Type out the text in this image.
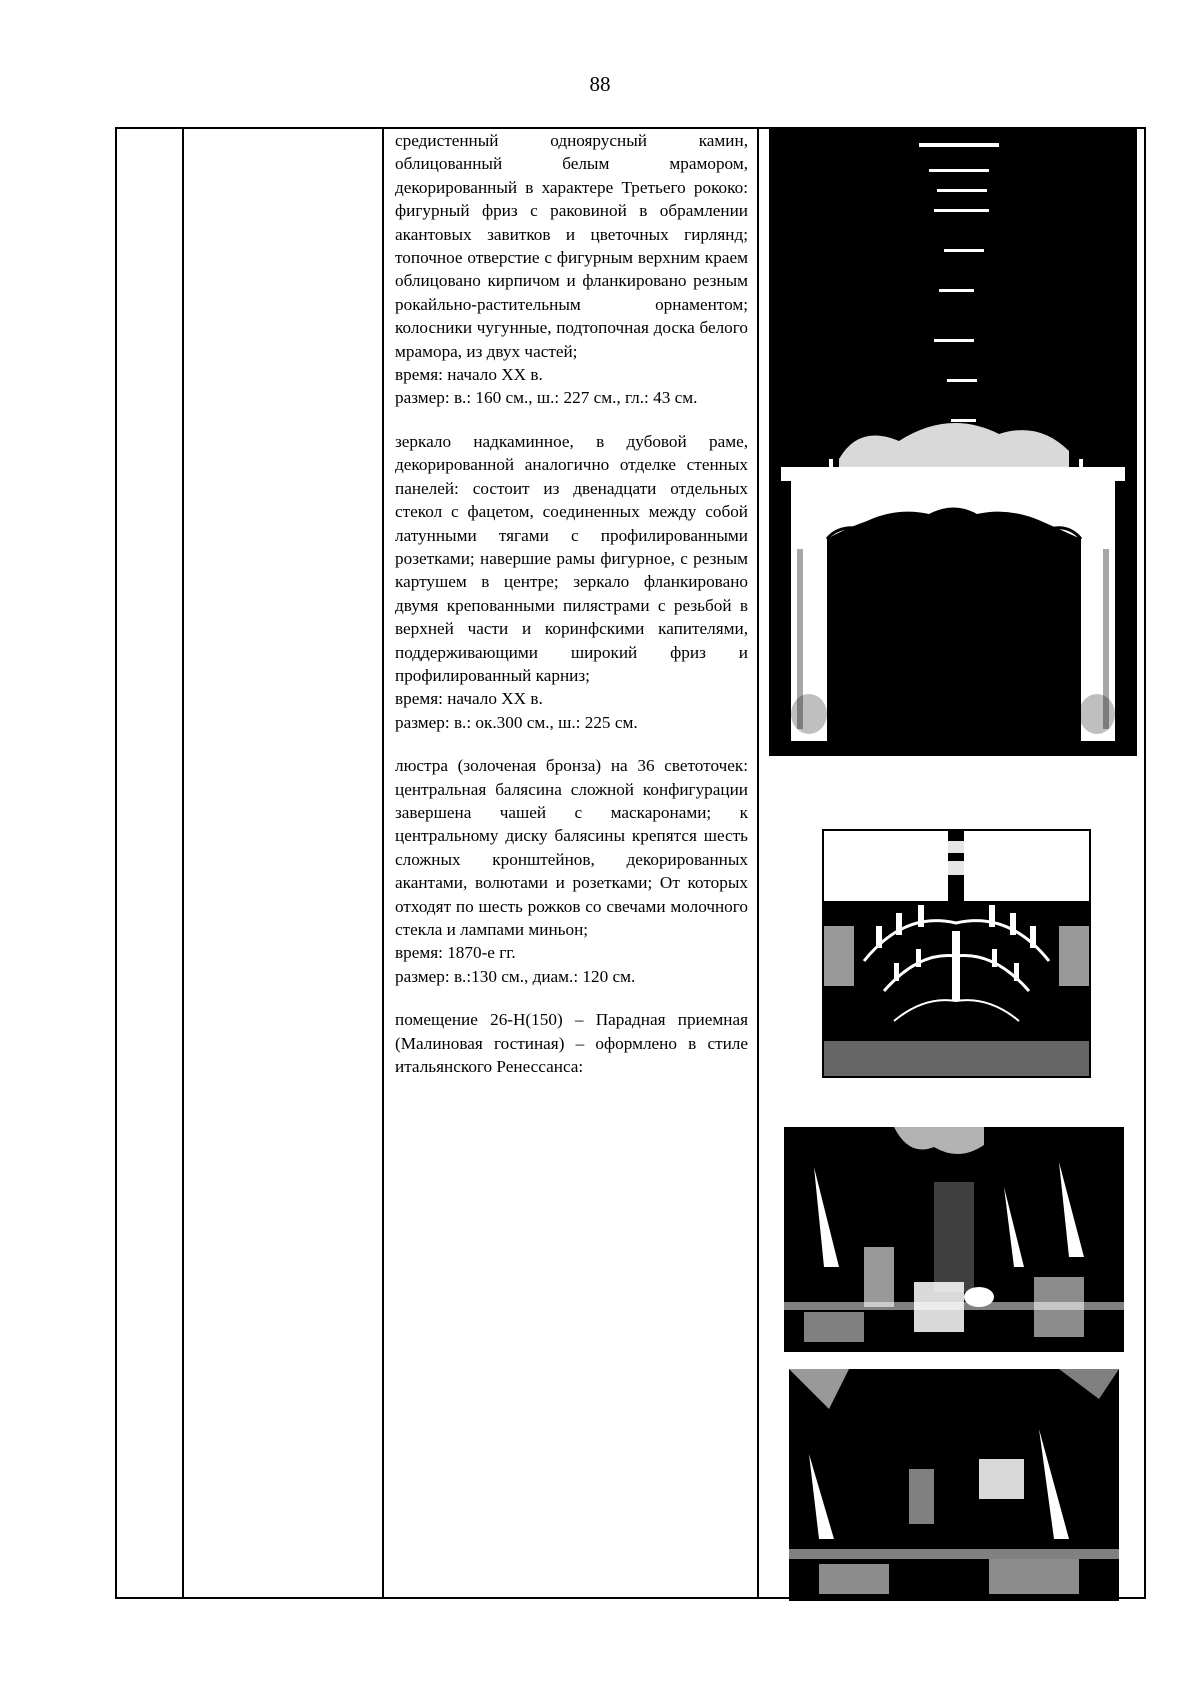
88

средистенный одноярусный камин, облицованный белым мрамором, декорированный в характере Третьего рококо: фигурный фриз с раковиной в обрамлении акантовых завитков и цветочных гирлянд; топочное отверстие с фигурным верхним краем облицовано кирпичом и фланкировано резным рокайльно-растительным орнаментом; колосники чугунные, подтопочная доска белого мрамора, из двух частей;

время: начало XX в.

размер: в.: 160 см., ш.: 227 см., гл.: 43 см.

зеркало надкаминное, в дубовой раме, декорированной аналогично отделке стенных панелей: состоит из двенадцати отдельных стекол с фацетом, соединенных между собой латунными тягами с профилированными розетками; навершие рамы фигурное, с резным картушем в центре; зеркало фланкировано двумя крепованными пилястрами с резьбой в верхней части и коринфскими капителями, поддерживающими широкий фриз и профилированный карниз;

время: начало XX в.

размер: в.: ок.300 см., ш.: 225 см.

люстра (золоченая бронза) на 36 светоточек: центральная балясина сложной конфигурации завершена чашей с маскаронами; к центральному диску балясины крепятся шесть сложных кронштейнов, декорированных акантами, волютами и розетками; От которых отходят по шесть рожков со свечами молочного стекла и лампами миньон;

время: 1870-е гг.

размер: в.:130 см., диам.: 120 см.

помещение 26-Н(150) – Парадная приемная (Малиновая гостиная) – оформлено в стиле итальянского Ренессанса:
